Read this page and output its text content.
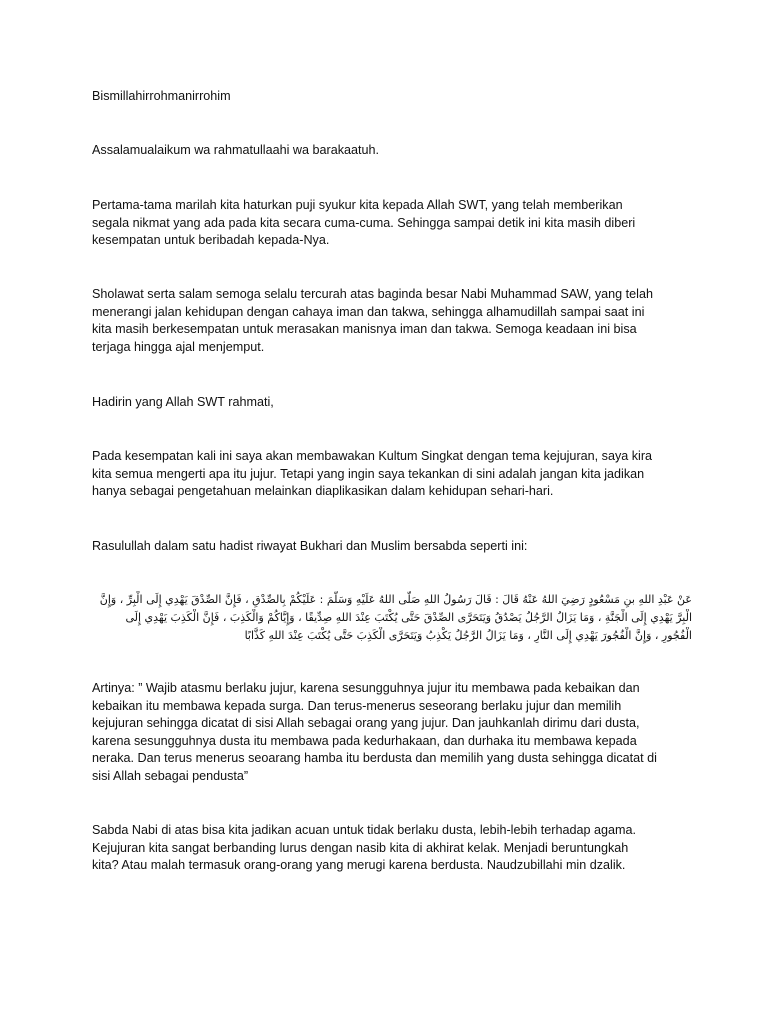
Bismillahirrohmanirrohim

Assalamualaikum wa rahmatullaahi wa barakaatuh.

Pertama-tama marilah kita haturkan puji syukur kita kepada Allah SWT, yang telah memberikan
segala nikmat yang ada pada kita secara cuma-cuma. Sehingga sampai detik ini kita masih diberi
kesempatan untuk beribadah kepada-Nya.

Sholawat serta salam semoga selalu tercurah atas baginda besar Nabi Muhammad SAW, yang telah
menerangi jalan kehidupan dengan cahaya iman dan takwa, sehingga alhamudillah sampai saat ini
kita masih berkesempatan untuk merasakan manisnya iman dan takwa. Semoga keadaan ini bisa
terjaga hingga ajal menjemput.

Hadirin yang Allah SWT rahmati,

Pada kesempatan kali ini saya akan membawakan Kultum Singkat dengan tema kejujuran, saya kira
kita semua mengerti apa itu jujur. Tetapi yang ingin saya tekankan di sini adalah jangan kita jadikan
hanya sebagai pengetahuan melainkan diaplikasikan dalam kehidupan sehari-hari.

Rasulullah dalam satu hadist riwayat Bukhari dan Muslim bersabda seperti ini:

عَنْ عَبْدِ اللهِ بنِ مَسْعُودٍ رَضِيَ اللهُ عَنْهُ قَالَ : قَالَ رَسُولُ اللهِ صَلَّى اللهُ عَلَيْهِ وَسَلَّمَ : عَلَيْكُمْ بِالصِّدْقِ ، فَإِنَّ الصِّدْقَ يَهْدِي إِلَى الْبِرِّ ، وَإِنَّ
الْبِرَّ يَهْدِي إِلَى الْجَنَّةِ ، وَمَا يَزَالُ الرَّجُلُ يَصْدُقُ وَيَتَحَرَّى الصِّدْقَ حَتَّى يُكْتَبَ عِنْدَ اللهِ صِدِّيقًا ، وَإِيَّاكُمْ وَالْكَذِبَ ، فَإِنَّ الْكَذِبَ يَهْدِي إِلَى
الْفُجُورِ ، وَإِنَّ الْفُجُورَ يَهْدِي إِلَى النَّارِ ، وَمَا يَزَالُ الرَّجُلُ يَكْذِبُ وَيَتَحَرَّى الْكَذِبَ حَتَّى يُكْتَبَ عِنْدَ اللهِ كَذَّابًا

Artinya: ” Wajib atasmu berlaku jujur, karena sesungguhnya jujur itu membawa pada kebaikan dan
kebaikan itu membawa kepada surga. Dan terus-menerus seseorang berlaku jujur dan memilih
kejujuran sehingga dicatat di sisi Allah sebagai orang yang jujur. Dan jauhkanlah dirimu dari dusta,
karena sesungguhnya dusta itu membawa pada kedurhakaan, dan durhaka itu membawa kepada
neraka. Dan terus menerus seoarang hamba itu berdusta dan memilih yang dusta sehingga dicatat di
sisi Allah sebagai pendusta”

Sabda Nabi di atas bisa kita jadikan acuan untuk tidak berlaku dusta, lebih-lebih terhadap agama.
Kejujuran kita sangat berbanding lurus dengan nasib kita di akhirat kelak. Menjadi beruntungkah
kita? Atau malah termasuk orang-orang yang merugi karena berdusta. Naudzubillahi min dzalik.
